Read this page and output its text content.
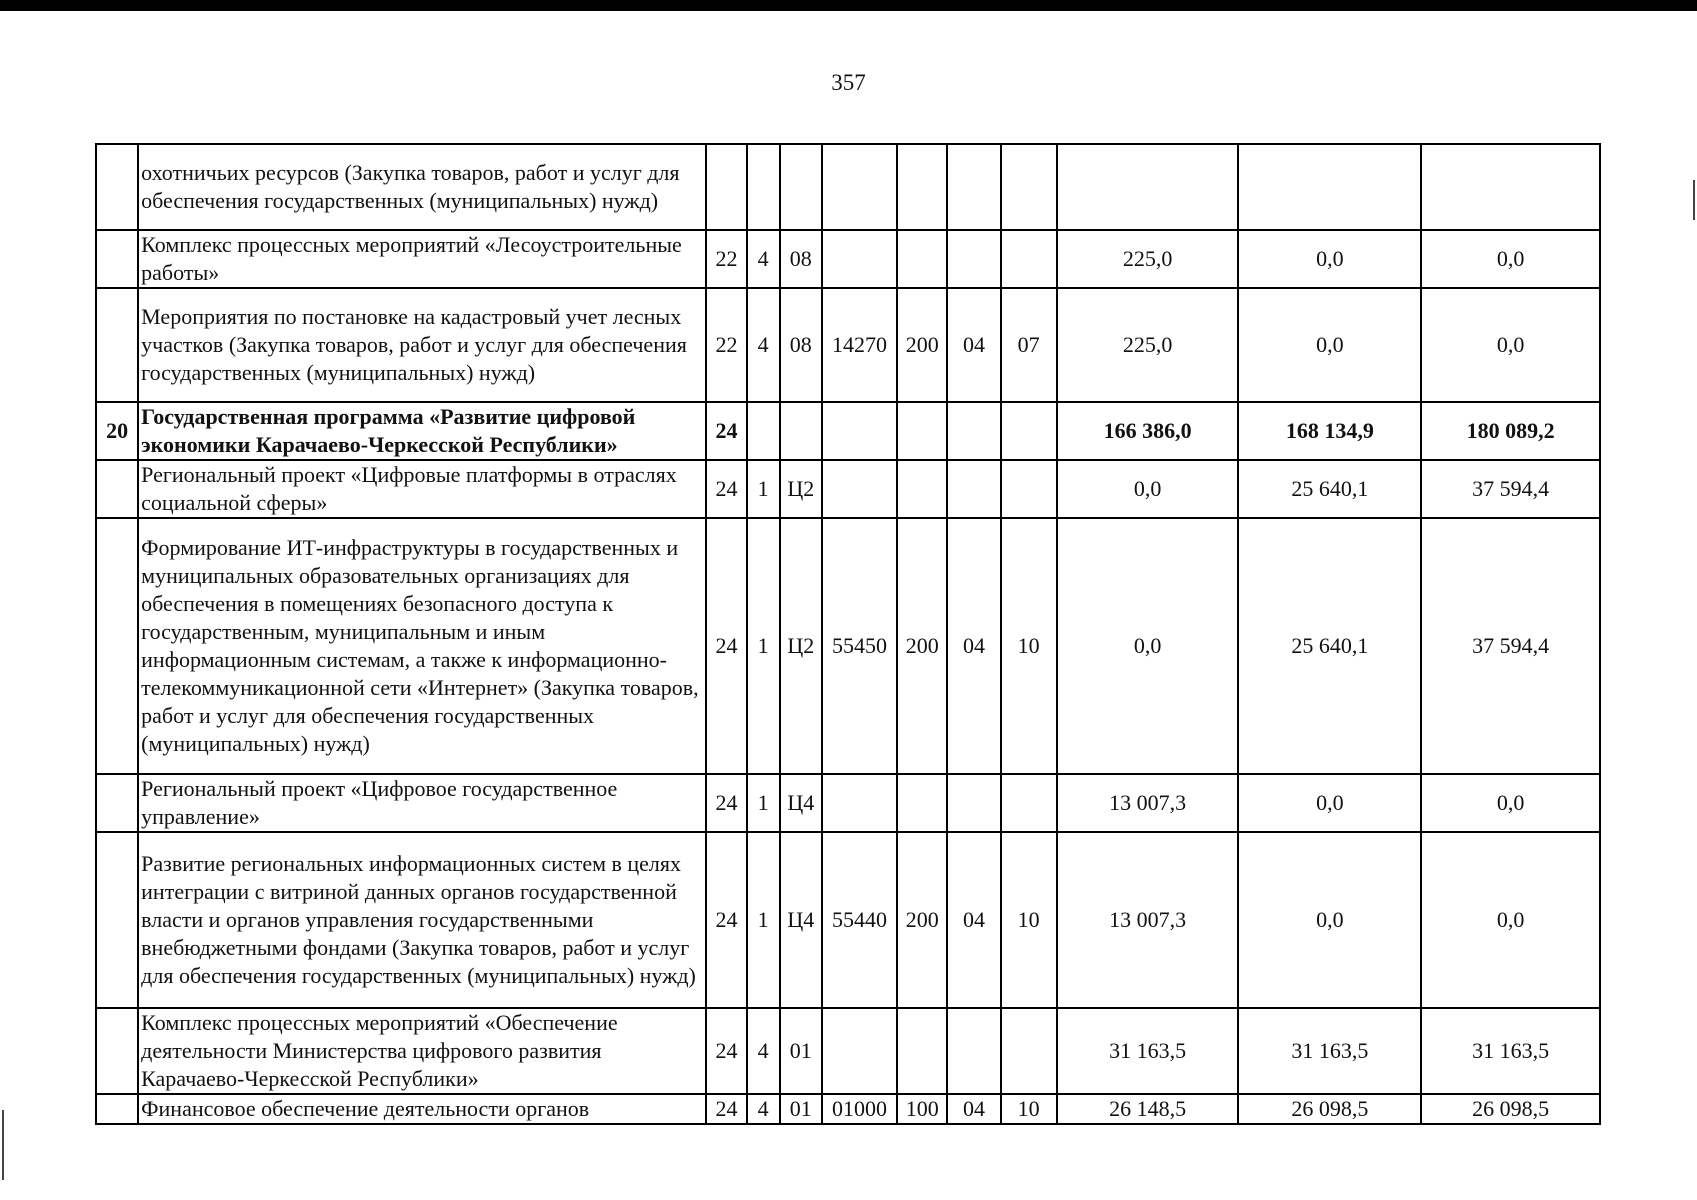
357
	охотничьих ресурсов (Закупка товаров, работ и услуг для обеспечения государственных (муниципальных) нужд)										
	Комплекс процессных мероприятий «Лесоустроительные работы»	22	4	08					225,0	0,0	0,0
	Мероприятия по постановке на кадастровый учет лесных участков (Закупка товаров, работ и услуг для обеспечения государственных (муниципальных) нужд)	22	4	08	14270	200	04	07	225,0	0,0	0,0
20	Государственная программа «Развитие цифровой экономики Карачаево-Черкесской Республики»	24							166 386,0	168 134,9	180 089,2
	Региональный проект «Цифровые платформы в отраслях социальной сферы»	24	1	Ц2					0,0	25 640,1	37 594,4
	Формирование ИТ-инфраструктуры в государственных и муниципальных образовательных организациях для обеспечения в помещениях безопасного доступа к государственным, муниципальным и иным информационным системам, а также к информационно-телекоммуникационной сети «Интернет» (Закупка товаров, работ и услуг для обеспечения государственных (муниципальных) нужд)	24	1	Ц2	55450	200	04	10	0,0	25 640,1	37 594,4
	Региональный проект «Цифровое государственное управление»	24	1	Ц4					13 007,3	0,0	0,0
	Развитие региональных информационных систем в целях интеграции с витриной данных органов государственной власти и органов управления государственными внебюджетными фондами (Закупка товаров, работ и услуг для обеспечения государственных (муниципальных) нужд)	24	1	Ц4	55440	200	04	10	13 007,3	0,0	0,0
	Комплекс процессных мероприятий «Обеспечение деятельности Министерства цифрового развития Карачаево-Черкесской Республики»	24	4	01					31 163,5	31 163,5	31 163,5
	Финансовое обеспечение деятельности органов	24	4	01	01000	100	04	10	26 148,5	26 098,5	26 098,5
